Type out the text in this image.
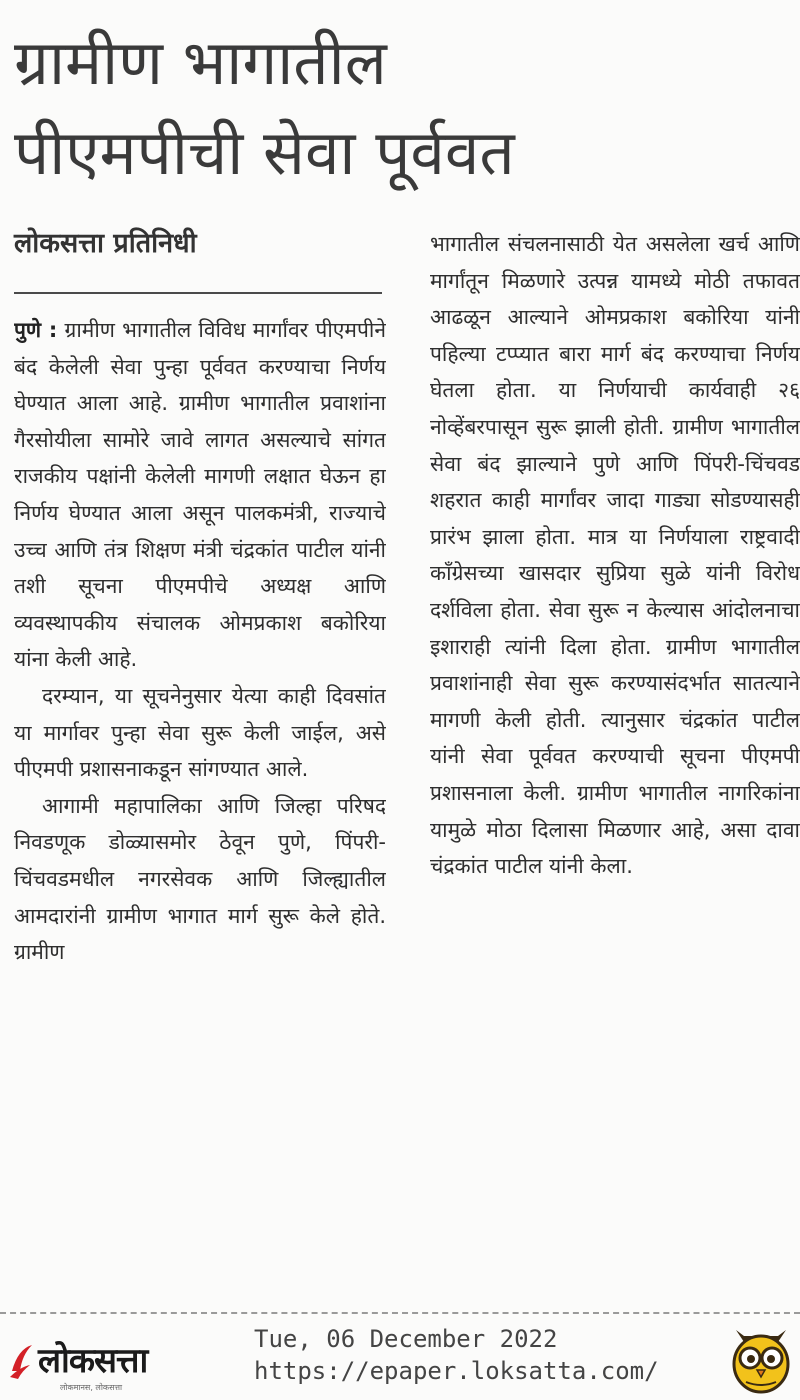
ग्रामीण भागातील
पीएमपीची सेवा पूर्ववत
लोकसत्ता प्रतिनिधी

पुणे : ग्रामीण भागातील विविध मार्गांवर पीएमपीने बंद केलेली सेवा पुन्हा पूर्ववत करण्याचा निर्णय घेण्यात आला आहे. ग्रामीण भागातील प्रवाशांना गैरसोयीला सामोरे जावे लागत असल्याचे सांगत राजकीय पक्षांनी केलेली मागणी लक्षात घेऊन हा निर्णय घेण्यात आला असून पालकमंत्री, राज्याचे उच्च आणि तंत्र शिक्षण मंत्री चंद्रकांत पाटील यांनी तशी सूचना पीएमपीचे अध्यक्ष आणि व्यवस्थापकीय संचालक ओमप्रकाश बकोरिया यांना केली आहे.

दरम्यान, या सूचनेनुसार येत्या काही दिवसांत या मार्गावर पुन्हा सेवा सुरू केली जाईल, असे पीएमपी प्रशासनाकडून सांगण्यात आले.

आगामी महापालिका आणि जिल्हा परिषद निवडणूक डोळ्यासमोर ठेवून पुणे, पिंपरी-चिंचवडमधील नगरसेवक आणि जिल्ह्यातील आमदारांनी ग्रामीण भागात मार्ग सुरू केले होते. ग्रामीण

भागातील संचलनासाठी येत असलेला खर्च आणि मार्गांतून मिळणारे उत्पन्न यामध्ये मोठी तफावत आढळून आल्याने ओमप्रकाश बकोरिया यांनी पहिल्या टप्प्यात बारा मार्ग बंद करण्याचा निर्णय घेतला होता. या निर्णयाची कार्यवाही २६ नोव्हेंबरपासून सुरू झाली होती. ग्रामीण भागातील सेवा बंद झाल्याने पुणे आणि पिंपरी-चिंचवड शहरात काही मार्गांवर जादा गाड्या सोडण्यासही प्रारंभ झाला होता. मात्र या निर्णयाला राष्ट्रवादी काँग्रेसच्या खासदार सुप्रिया सुळे यांनी विरोध दर्शविला होता. सेवा सुरू न केल्यास आंदोलनाचा इशाराही त्यांनी दिला होता. ग्रामीण भागातील प्रवाशांनाही सेवा सुरू करण्यासंदर्भात सातत्याने मागणी केली होती. त्यानुसार चंद्रकांत पाटील यांनी सेवा पूर्ववत करण्याची सूचना पीएमपी प्रशासनाला केली. ग्रामीण भागातील नागरिकांना यामुळे मोठा दिलासा मिळणार आहे, असा दावा चंद्रकांत पाटील यांनी केला.

लोकसत्ता
लोकमानस, लोकसत्ता
Tue, 06 December 2022
https://epaper.loksatta.com/
